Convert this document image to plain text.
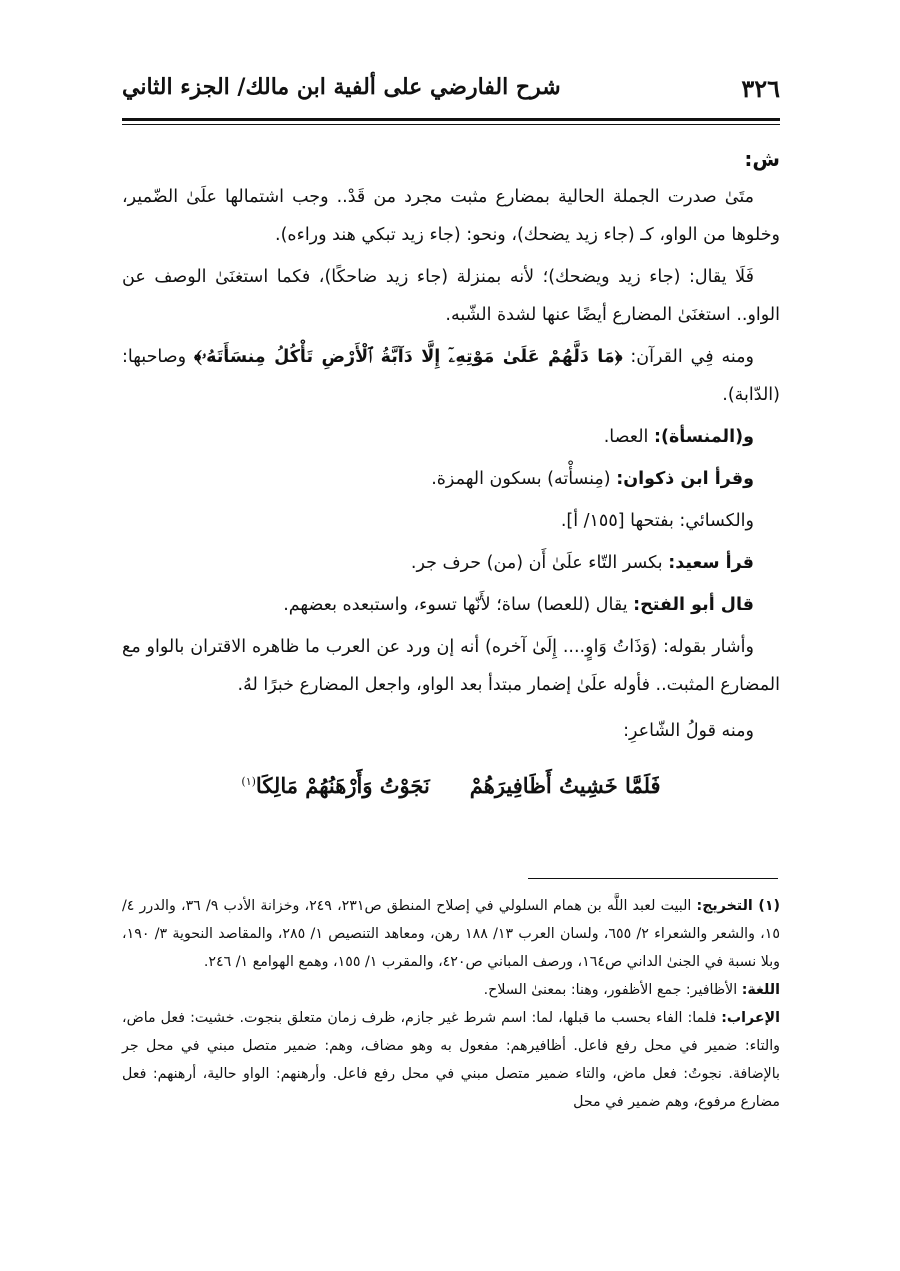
٣٢٦
شرح الفارضي على ألفية ابن مالك/ الجزء الثاني

ش:

متَىٰ صدرت الجملة الحالية بمضارع مثبت مجرد من قَدْ.. وجب اشتمالها علَىٰ الضّمير، وخلوها من الواو، كـ (جاء زيد يضحك)، ونحو: (جاء زيد تبكي هند وراءه).

فَلَا يقال: (جاء زيد ويضحك)؛ لأنه بمنزلة (جاء زيد ضاحكًا)، فكما استغنَىٰ الوصف عن الواو.. استغنَىٰ المضارع أيضًا عنها لشدة الشّبه.

ومنه فِي القرآن: ﴿مَا دَلَّهُمْ عَلَىٰ مَوْتِهِۦٓ إِلَّا دَآبَّةُ ٱلْأَرْضِ تَأْكُلُ مِنسَأَتَهُۥ﴾ وصاحبها: (الدّابة).

و(المنسأة): العصا.

وقرأ ابن ذكوان: (مِنسأْته) بسكون الهمزة.

والكسائي: بفتحها [١٥٥/ أ].

قرأ سعيد: بكسر التّاء علَىٰ أَن (من) حرف جر.

قال أبو الفتح: يقال (للعصا) ساة؛ لأَنّها تسوء، واستبعده بعضهم.

وأشار بقوله: (وَذَاتُ وَاوٍ.... إِلَىٰ آخره) أنه إن ورد عن العرب ما ظاهره الاقتران بالواو مع المضارع المثبت.. فأوله علَىٰ إضمار مبتدأ بعد الواو، واجعل المضارع خبرًا لهُ.

ومنه قولُ الشّاعرِ:

فَلَمَّا خَشِيتُ أَظَافِيرَهُمْنَجَوْتُ وَأَرْهَنُهُمْ مَالِكَا$^{(١)}$

(١) التخريج: البيت لعبد اللَّه بن همام السلولي في إصلاح المنطق ص٢٣١، ٢٤٩، وخزانة الأدب ٩/ ٣٦، والدرر ٤/ ١٥، والشعر والشعراء ٢/ ٦٥٥، ولسان العرب ١٣/ ١٨٨ رهن، ومعاهد التنصيص ١/ ٢٨٥، والمقاصد النحوية ٣/ ١٩٠، وبلا نسبة في الجنىٰ الداني ص١٦٤، ورصف المباني ص٤٢٠، والمقرب ١/ ١٥٥، وهمع الهوامع ١/ ٢٤٦.

اللغة: الأظافير: جمع الأظفور، وهنا: بمعنىٰ السلاح.

الإعراب: فلما: الفاء بحسب ما قبلها، لما: اسم شرط غير جازم، ظرف زمان متعلق بنجوت. خشيت: فعل ماض، والتاء: ضمير في محل رفع فاعل. أظافيرهم: مفعول به وهو مضاف، وهم: ضمير متصل مبني في محل جر بالإضافة. نجوتُ: فعل ماض، والتاء ضمير متصل مبني في محل رفع فاعل. وأرهنهم: الواو حالية، أرهنهم: فعل مضارع مرفوع، وهم ضمير في محل
